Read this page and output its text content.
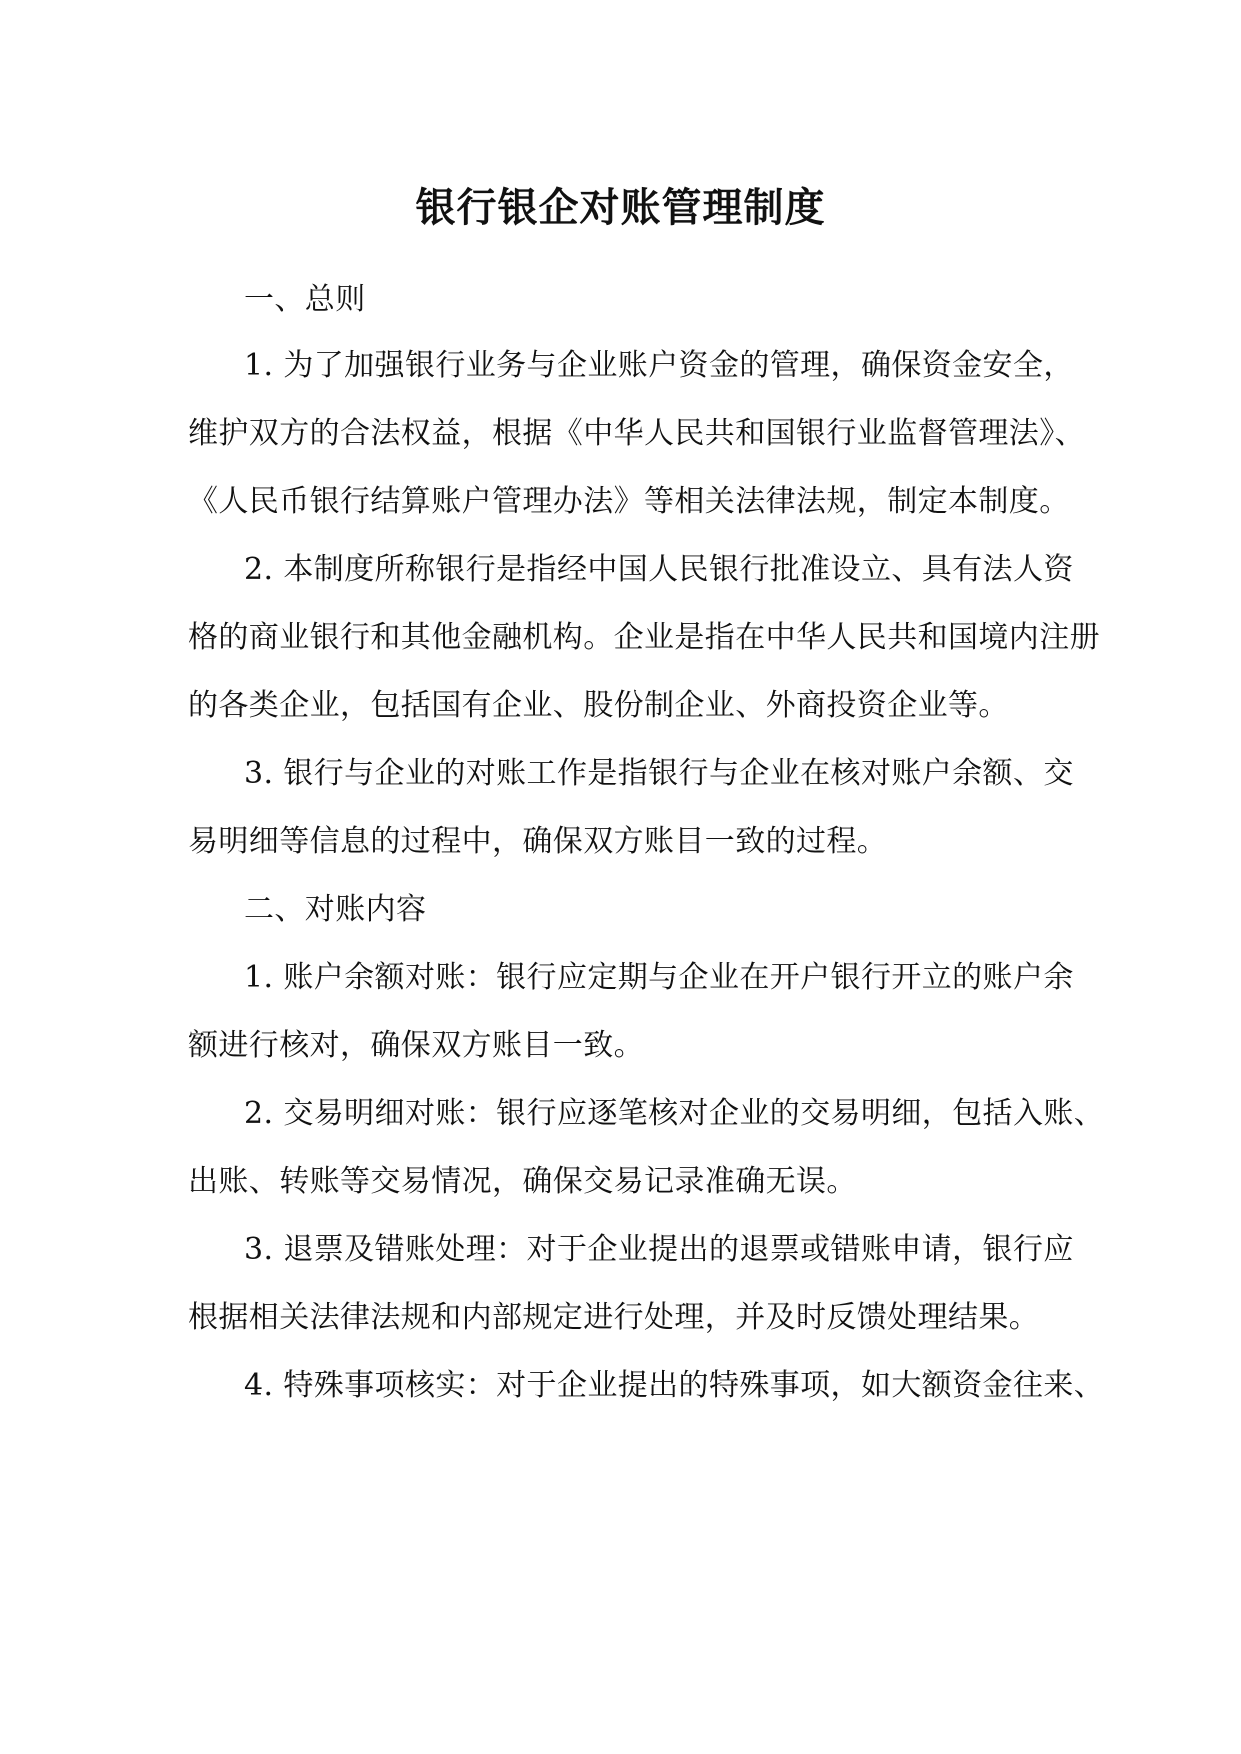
银行银企对账管理制度
一、总则
1. 为了加强银行业务与企业账户资金的管理，确保资金安全，
维护双方的合法权益，根据《中华人民共和国银行业监督管理法》、
《人民币银行结算账户管理办法》等相关法律法规，制定本制度。
2. 本制度所称银行是指经中国人民银行批准设立、具有法人资
格的商业银行和其他金融机构。企业是指在中华人民共和国境内注册
的各类企业，包括国有企业、股份制企业、外商投资企业等。
3. 银行与企业的对账工作是指银行与企业在核对账户余额、交
易明细等信息的过程中，确保双方账目一致的过程。
二、对账内容
1. 账户余额对账：银行应定期与企业在开户银行开立的账户余
额进行核对，确保双方账目一致。
2. 交易明细对账：银行应逐笔核对企业的交易明细，包括入账、
出账、转账等交易情况，确保交易记录准确无误。
3. 退票及错账处理：对于企业提出的退票或错账申请，银行应
根据相关法律法规和内部规定进行处理，并及时反馈处理结果。
4. 特殊事项核实：对于企业提出的特殊事项，如大额资金往来、
